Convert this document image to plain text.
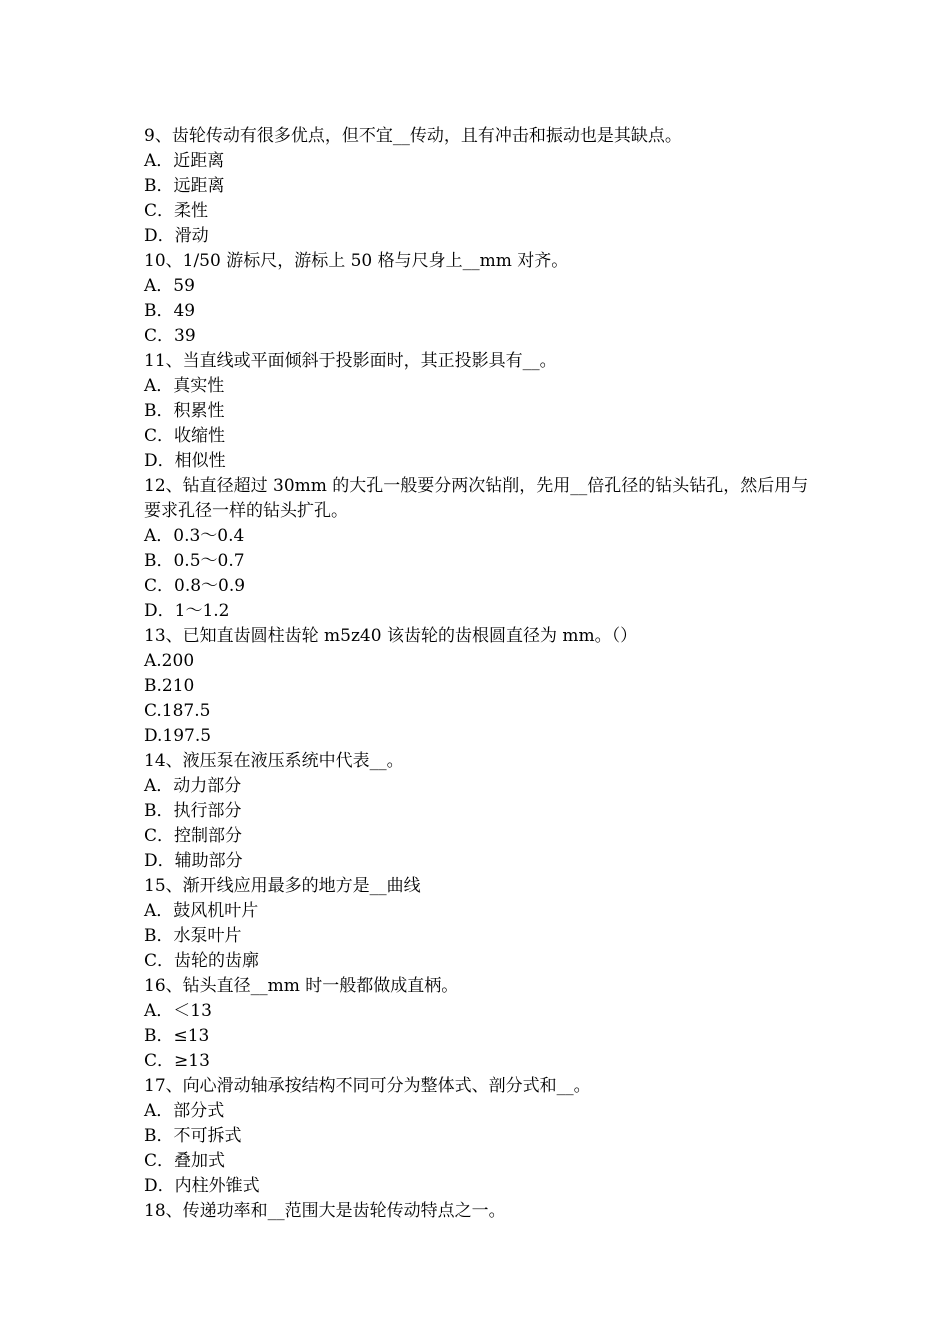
9、齿轮传动有很多优点，但不宜__传动，且有冲击和振动也是其缺点。
A．近距离
B．远距离
C．柔性
D．滑动
10、1/50 游标尺，游标上 50 格与尺身上__mm 对齐。
A．59
B．49
C．39
11、当直线或平面倾斜于投影面时，其正投影具有__。
A．真实性
B．积累性
C．收缩性
D．相似性
12、钻直径超过 30mm 的大孔一般要分两次钻削，先用__倍孔径的钻头钻孔，然后用与要求孔径一样的钻头扩孔。
A．0.3～0.4
B．0.5～0.7
C．0.8～0.9
D．1～1.2
13、已知直齿圆柱齿轮 m5z40 该齿轮的齿根圆直径为 mm。（）
A.200
B.210
C.187.5
D.197.5
14、液压泵在液压系统中代表__。
A．动力部分
B．执行部分
C．控制部分
D．辅助部分
15、渐开线应用最多的地方是__曲线
A．鼓风机叶片
B．水泵叶片
C．齿轮的齿廓
16、钻头直径__mm 时一般都做成直柄。
A．＜13
B．≤13
C．≥13
17、向心滑动轴承按结构不同可分为整体式、剖分式和__。
A．部分式
B．不可拆式
C．叠加式
D．内柱外锥式
18、传递功率和__范围大是齿轮传动特点之一。
